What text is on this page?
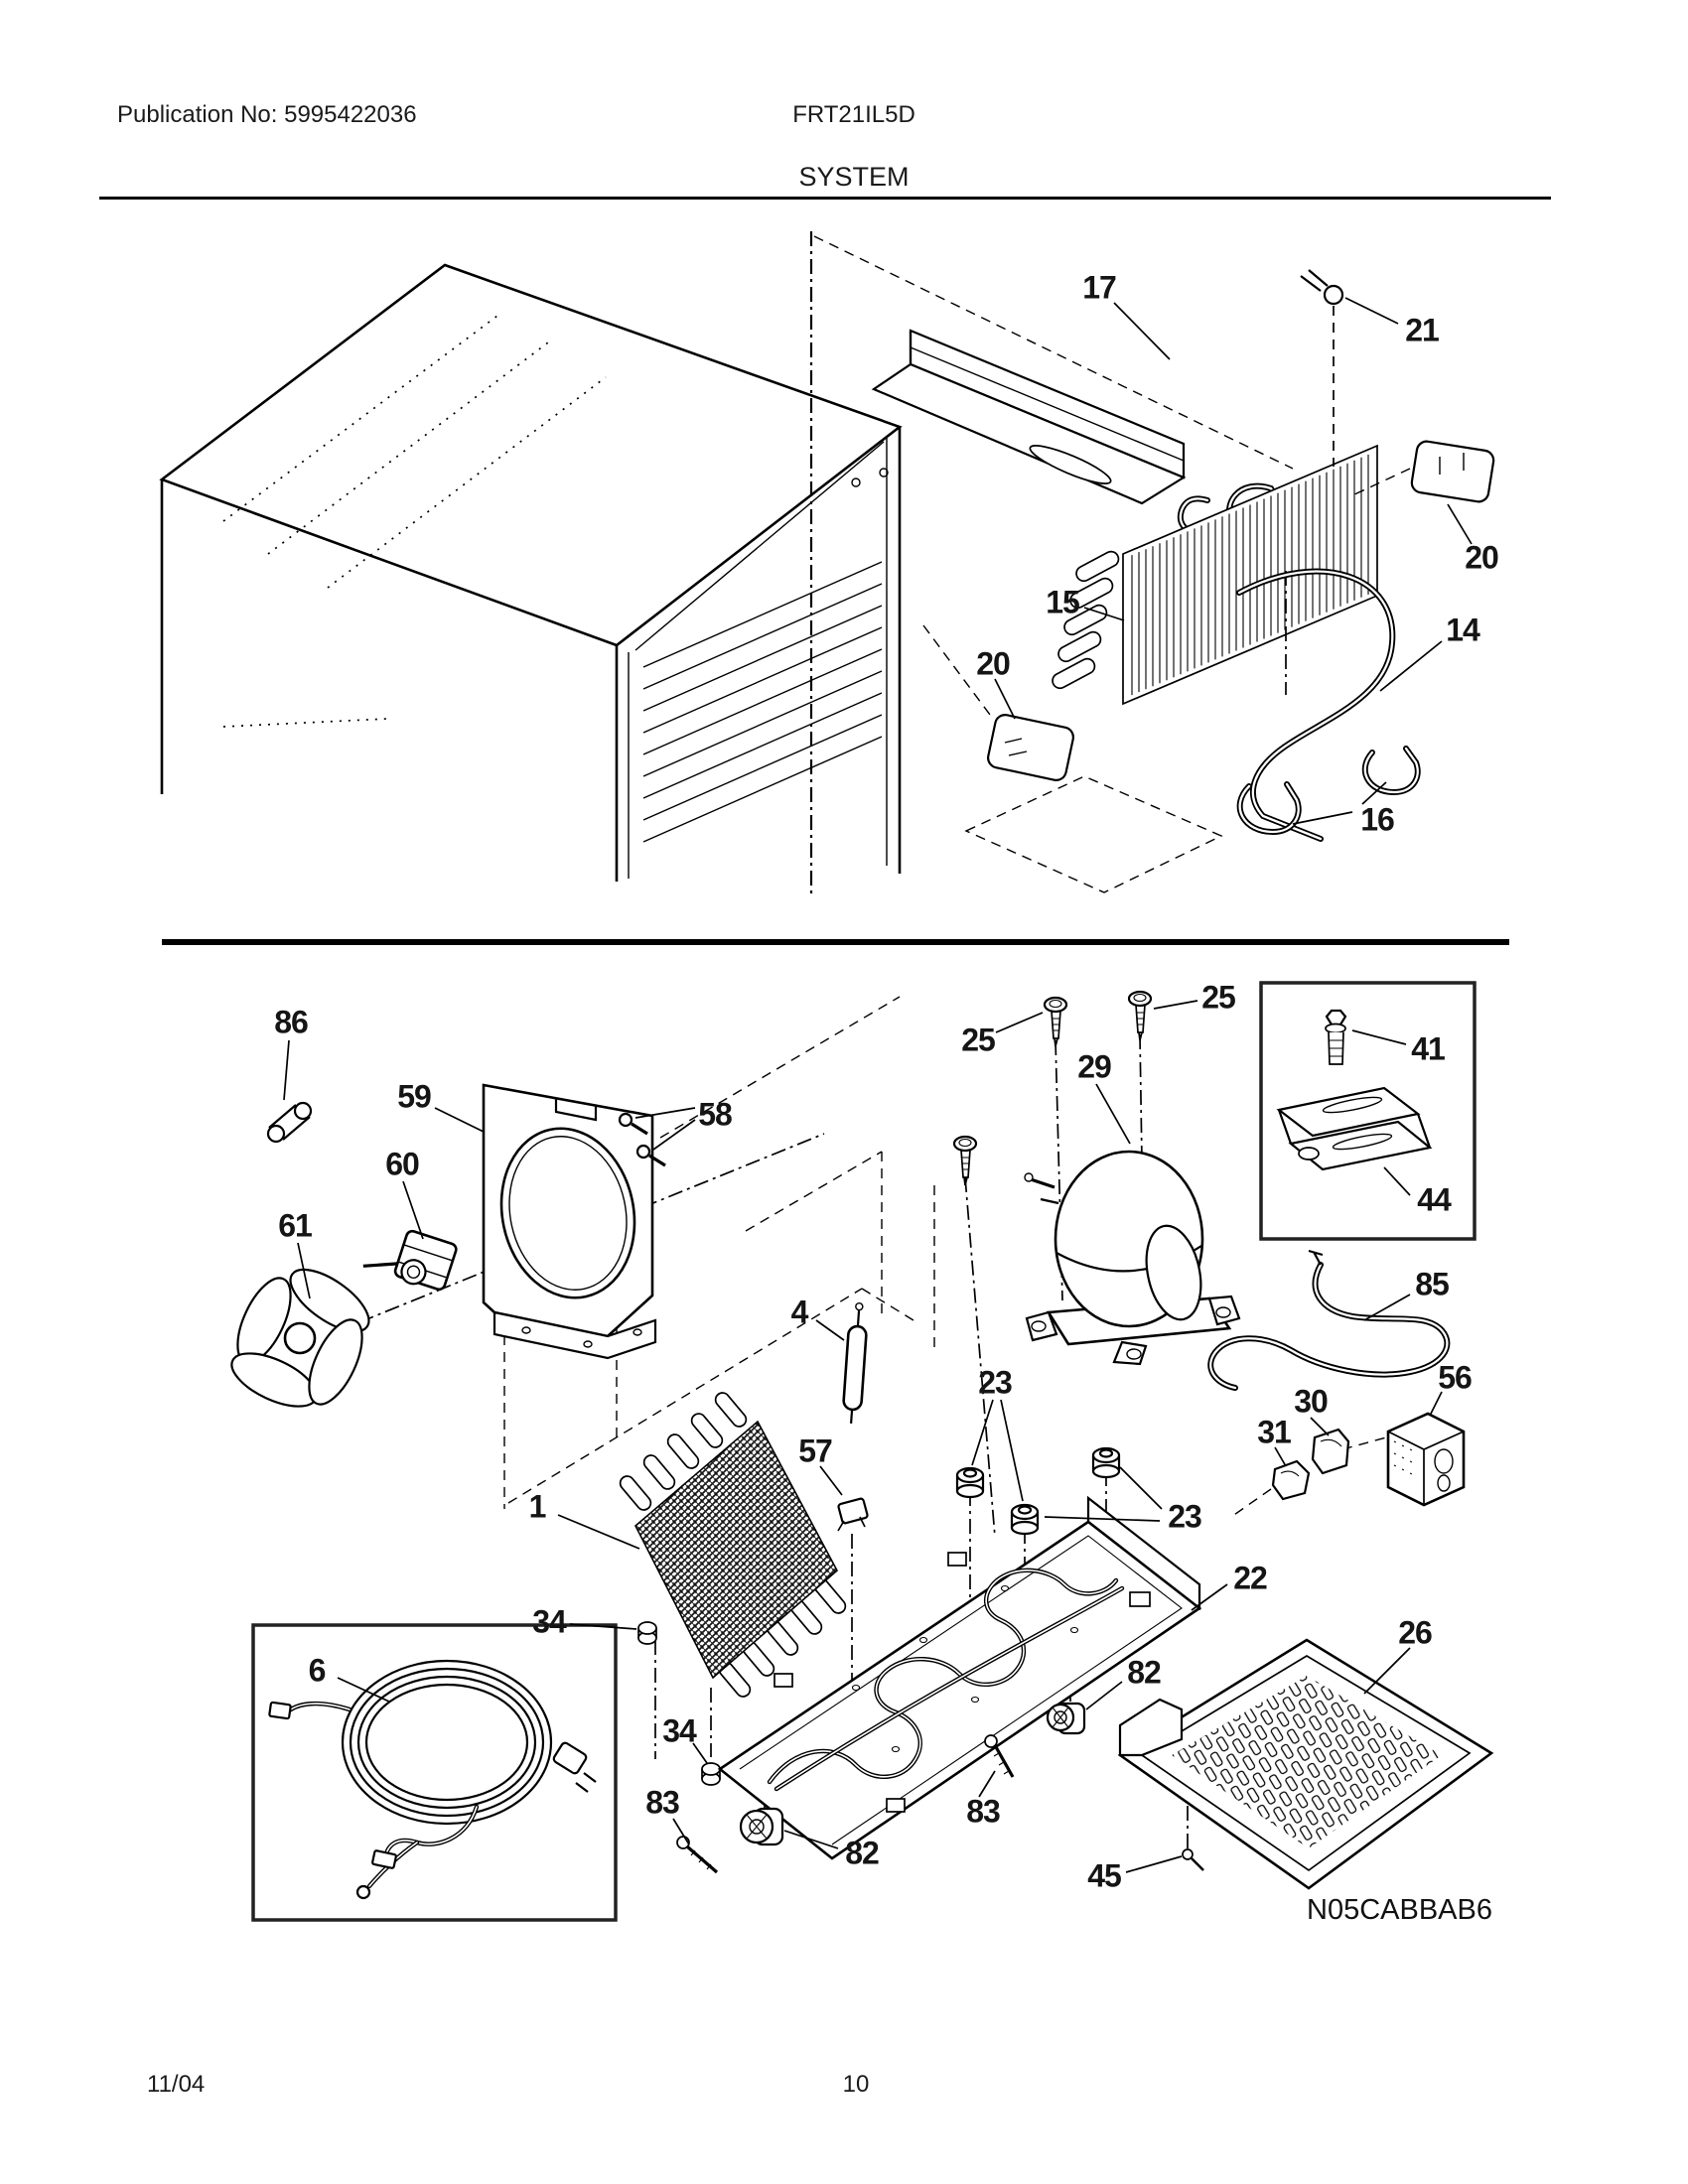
Publication No: 5995422036	FRT21IL5D
SYSTEM
N05CABBAB6
11/04	10
17
21
20
14
15
20
16
86
59	58
60
61
25
25
29	41
44
85
4
23	56
30
31
57
1	23
22
34	26
6	82
34
83	83
82
45
